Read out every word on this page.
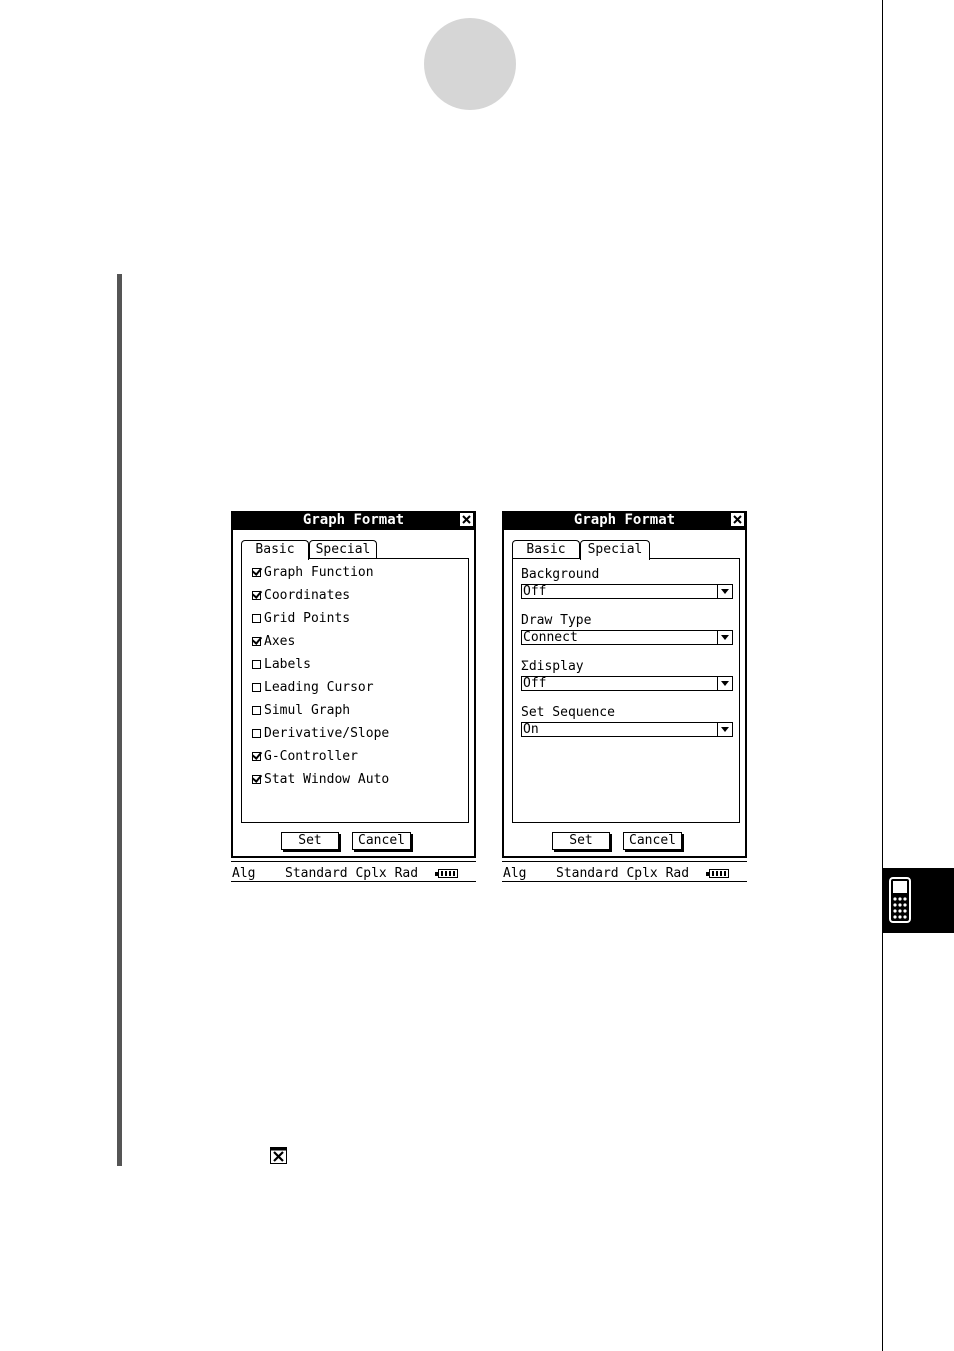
Graph Format
Basic	Special
Graph Function
Coordinates
Grid Points
Axes
Labels
Leading Cursor
Simul Graph
Derivative/Slope
G-Controller
Stat Window Auto
Set	Cancel
Alg Standard Cplx Rad
Graph Format
Basic	Special
Background
Off
Draw Type
Connect
Σdisplay
Off
Set Sequence
On
Set	Cancel
Alg Standard Cplx Rad
